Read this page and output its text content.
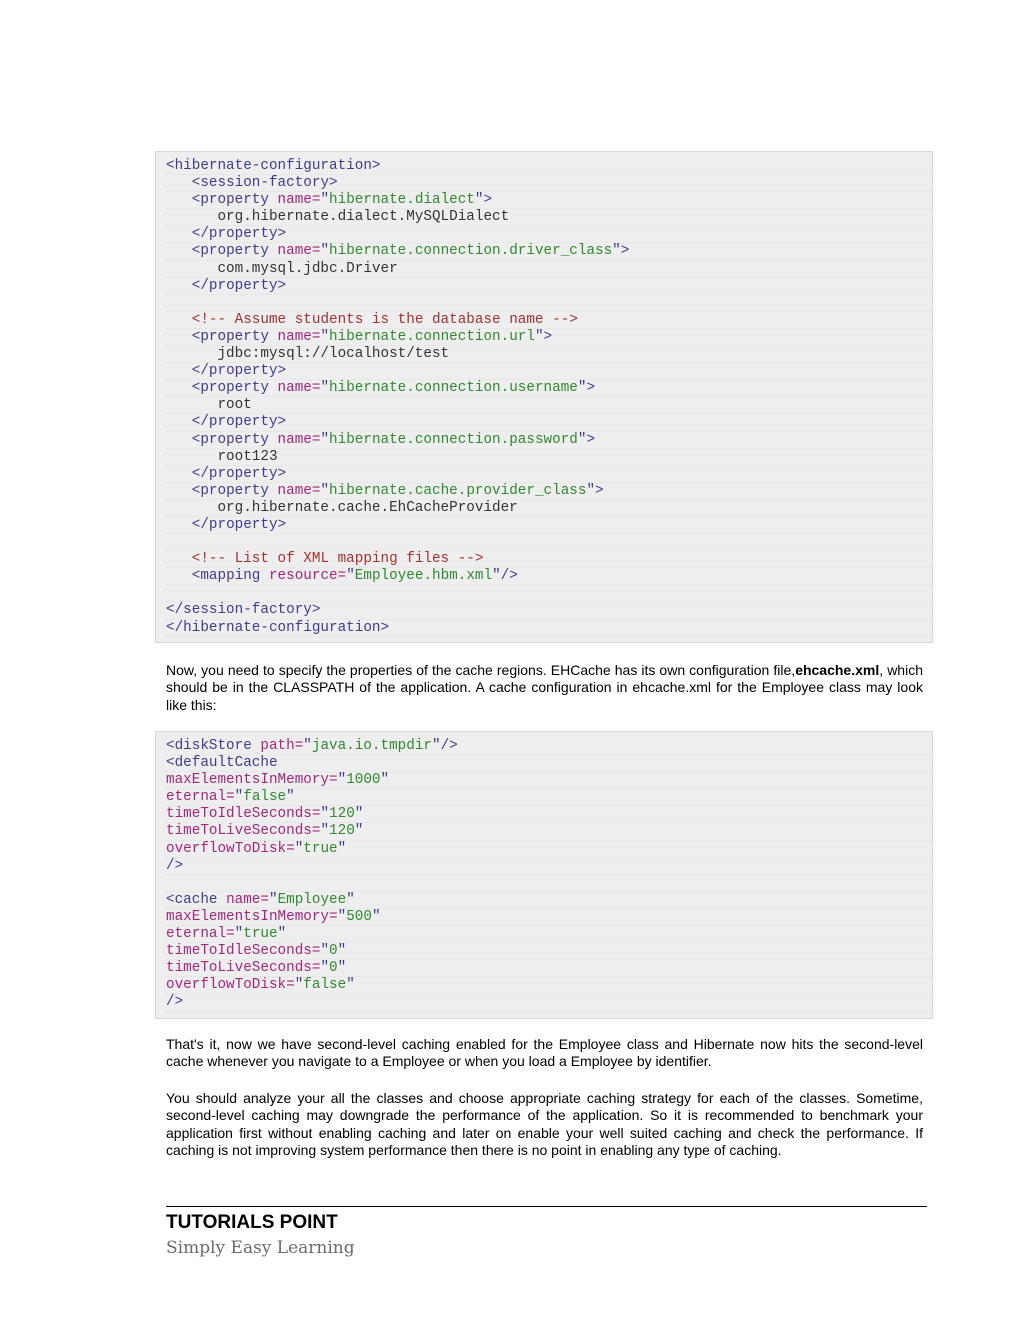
<hibernate-configuration>
<session-factory>
<property name="hibernate.dialect">
org.hibernate.dialect.MySQLDialect
</property>
<property name="hibernate.connection.driver_class">
com.mysql.jdbc.Driver
</property>
<!-- Assume students is the database name -->
<property name="hibernate.connection.url">
jdbc:mysql://localhost/test
</property>
<property name="hibernate.connection.username">
root
</property>
<property name="hibernate.connection.password">
root123
</property>
<property name="hibernate.cache.provider_class">
org.hibernate.cache.EhCacheProvider
</property>
<!-- List of XML mapping files -->
<mapping resource="Employee.hbm.xml"/>
</session-factory>
</hibernate-configuration>

Now, you need to specify the properties of the cache regions. EHCache has its own configuration file,ehcache.xml, which should be in the CLASSPATH of the application. A cache configuration in ehcache.xml for the Employee class may look like this:

<diskStore path="java.io.tmpdir"/>
<defaultCache
maxElementsInMemory="1000"
eternal="false"
timeToIdleSeconds="120"
timeToLiveSeconds="120"
overflowToDisk="true"
/>
<cache name="Employee"
maxElementsInMemory="500"
eternal="true"
timeToIdleSeconds="0"
timeToLiveSeconds="0"
overflowToDisk="false"
/>

That's it, now we have second-level caching enabled for the Employee class and Hibernate now hits the second-level cache whenever you navigate to a Employee or when you load a Employee by identifier.

You should analyze your all the classes and choose appropriate caching strategy for each of the classes. Sometime, second-level caching may downgrade the performance of the application. So it is recommended to benchmark your application first without enabling caching and later on enable your well suited caching and check the performance. If caching is not improving system performance then there is no point in enabling any type of caching.

TUTORIALS POINT
Simply Easy Learning
